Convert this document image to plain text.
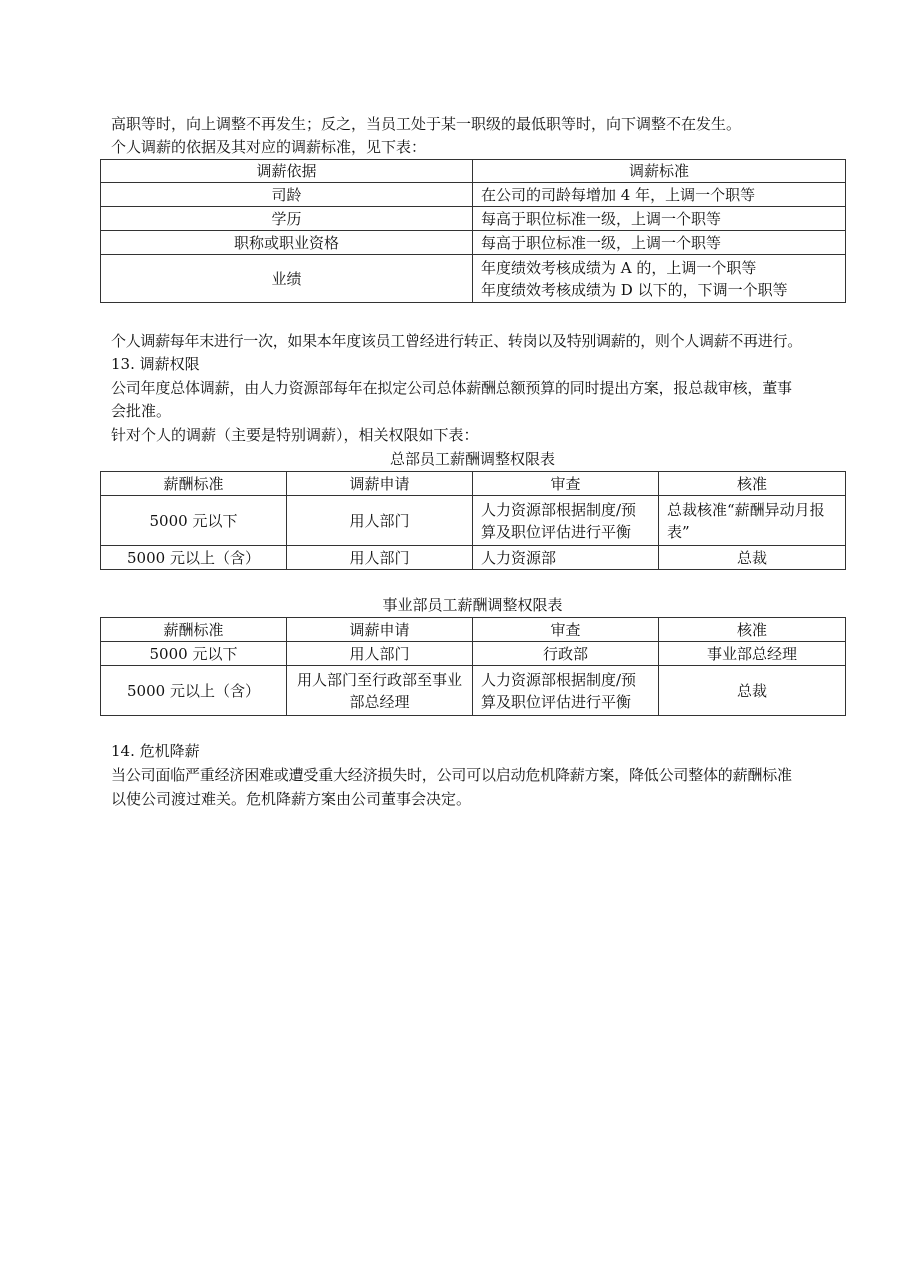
高职等时，向上调整不再发生；反之，当员工处于某一职级的最低职等时，向下调整不在发生。
个人调薪的依据及其对应的调薪标准，见下表：
调薪依据	调薪标准
司龄	在公司的司龄每增加 4 年，上调一个职等
学历	每高于职位标准一级，上调一个职等
职称或职业资格	每高于职位标准一级，上调一个职等
业绩	年度绩效考核成绩为 A 的，上调一个职等
年度绩效考核成绩为 D 以下的，下调一个职等
个人调薪每年末进行一次，如果本年度该员工曾经进行转正、转岗以及特别调薪的，则个人调薪不再进行。
13. 调薪权限
公司年度总体调薪，由人力资源部每年在拟定公司总体薪酬总额预算的同时提出方案，报总裁审核，董事
会批准。
针对个人的调薪（主要是特别调薪），相关权限如下表：
总部员工薪酬调整权限表
薪酬标准	调薪申请	审查	核准
5000 元以下	用人部门	人力资源部根据制度/预算及职位评估进行平衡	总裁核准“薪酬异动月报表”

5000 元以上（含）	用人部门	人力资源部	总裁
事业部员工薪酬调整权限表
薪酬标准	调薪申请	审查	核准
5000 元以下	用人部门	行政部	事业部总经理
5000 元以上（含）	用人部门至行政部至事业部总经理	人力资源部根据制度/预算及职位评估进行平衡	总裁
14. 危机降薪
当公司面临严重经济困难或遭受重大经济损失时，公司可以启动危机降薪方案，降低公司整体的薪酬标准
以使公司渡过难关。危机降薪方案由公司董事会决定。
